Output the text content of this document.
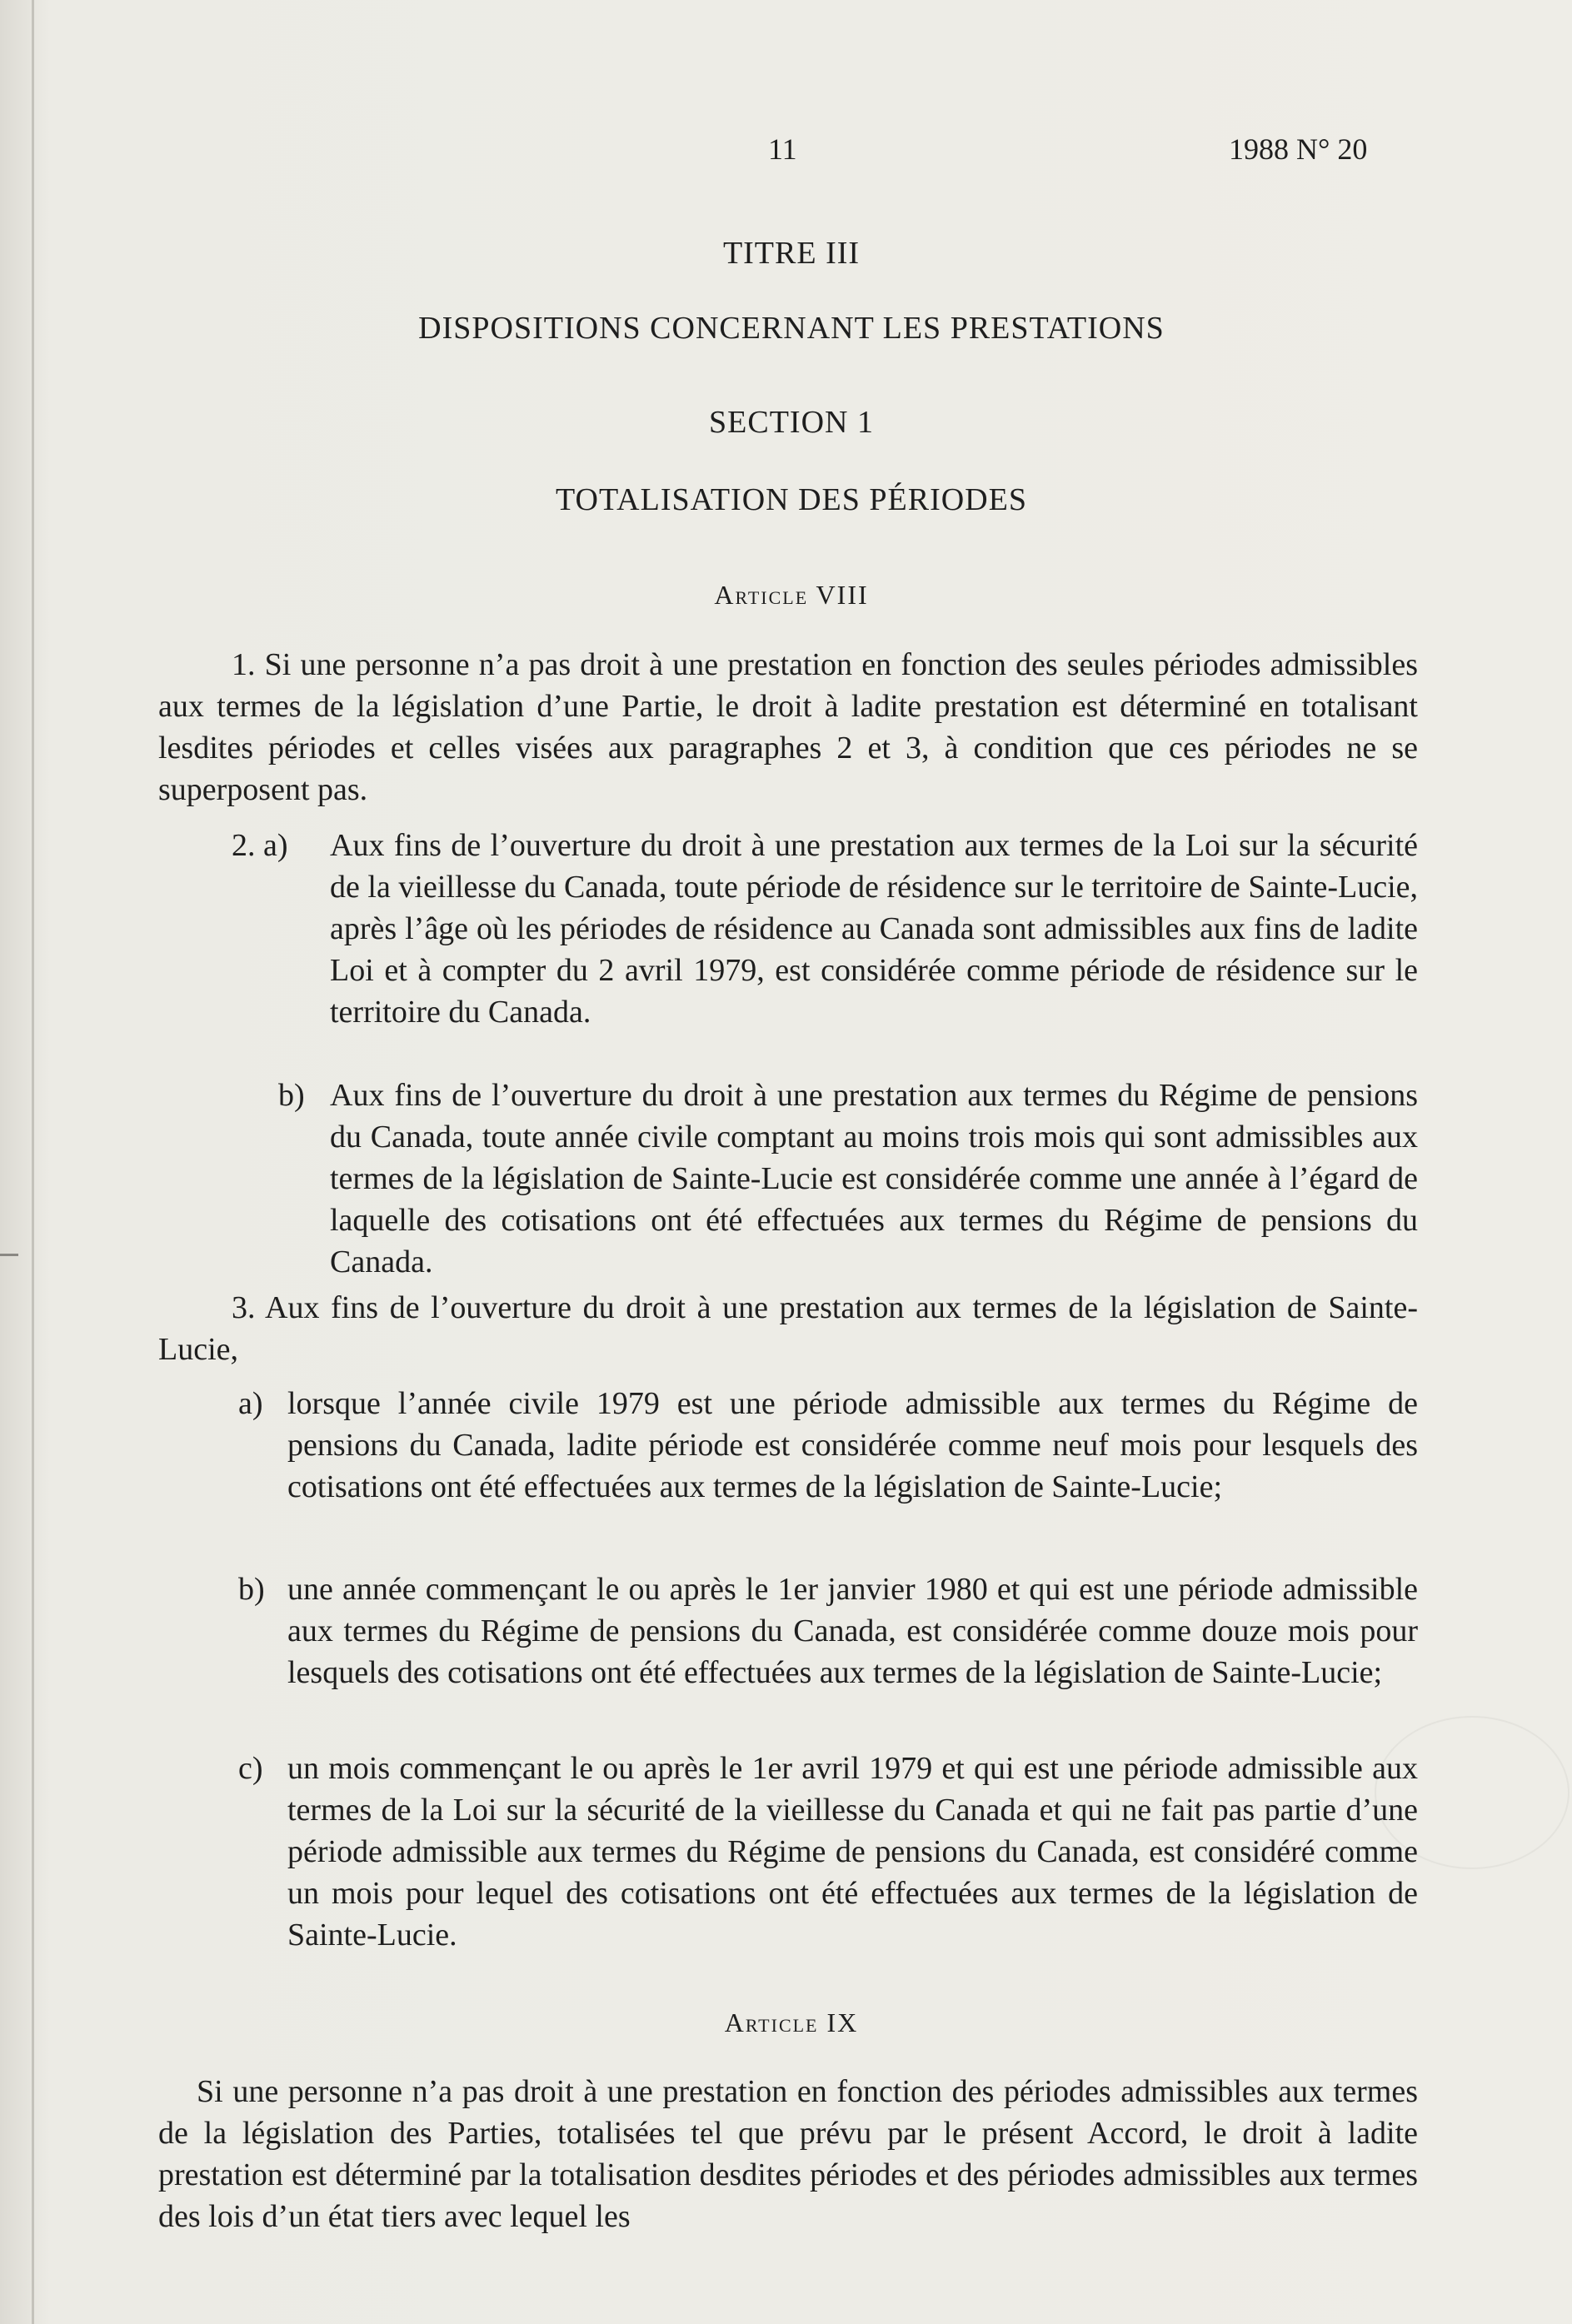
11	1988 N° 20
TITRE III
DISPOSITIONS CONCERNANT LES PRESTATIONS
SECTION 1
TOTALISATION DES PÉRIODES
Article VIII
1. Si une personne n’a pas droit à une prestation en fonction des seules périodes admissibles aux termes de la législation d’une Partie, le droit à ladite prestation est déterminé en totalisant lesdites périodes et celles visées aux paragraphes 2 et 3, à condition que ces périodes ne se superposent pas.
2. a) Aux fins de l’ouverture du droit à une prestation aux termes de la Loi sur la sécurité de la vieillesse du Canada, toute période de résidence sur le territoire de Sainte-Lucie, après l’âge où les périodes de résidence au Canada sont admissibles aux fins de ladite Loi et à compter du 2 avril 1979, est considérée comme période de résidence sur le territoire du Canada.
b) Aux fins de l’ouverture du droit à une prestation aux termes du Régime de pensions du Canada, toute année civile comptant au moins trois mois qui sont admissibles aux termes de la législation de Sainte-Lucie est considérée comme une année à l’égard de laquelle des cotisations ont été effectuées aux termes du Régime de pensions du Canada.
3. Aux fins de l’ouverture du droit à une prestation aux termes de la législation de Sainte-Lucie,
a) lorsque l’année civile 1979 est une période admissible aux termes du Régime de pensions du Canada, ladite période est considérée comme neuf mois pour lesquels des cotisations ont été effectuées aux termes de la législation de Sainte-Lucie;
b) une année commençant le ou après le 1er janvier 1980 et qui est une période admissible aux termes du Régime de pensions du Canada, est considérée comme douze mois pour lesquels des cotisations ont été effectuées aux termes de la législation de Sainte-Lucie;
c) un mois commençant le ou après le 1er avril 1979 et qui est une période admissible aux termes de la Loi sur la sécurité de la vieillesse du Canada et qui ne fait pas partie d’une période admissible aux termes du Régime de pensions du Canada, est considéré comme un mois pour lequel des cotisations ont été effectuées aux termes de la législation de Sainte-Lucie.
Article IX
Si une personne n’a pas droit à une prestation en fonction des périodes admissibles aux termes de la législation des Parties, totalisées tel que prévu par le présent Accord, le droit à ladite prestation est déterminé par la totalisation desdites périodes et des périodes admissibles aux termes des lois d’un état tiers avec lequel les
